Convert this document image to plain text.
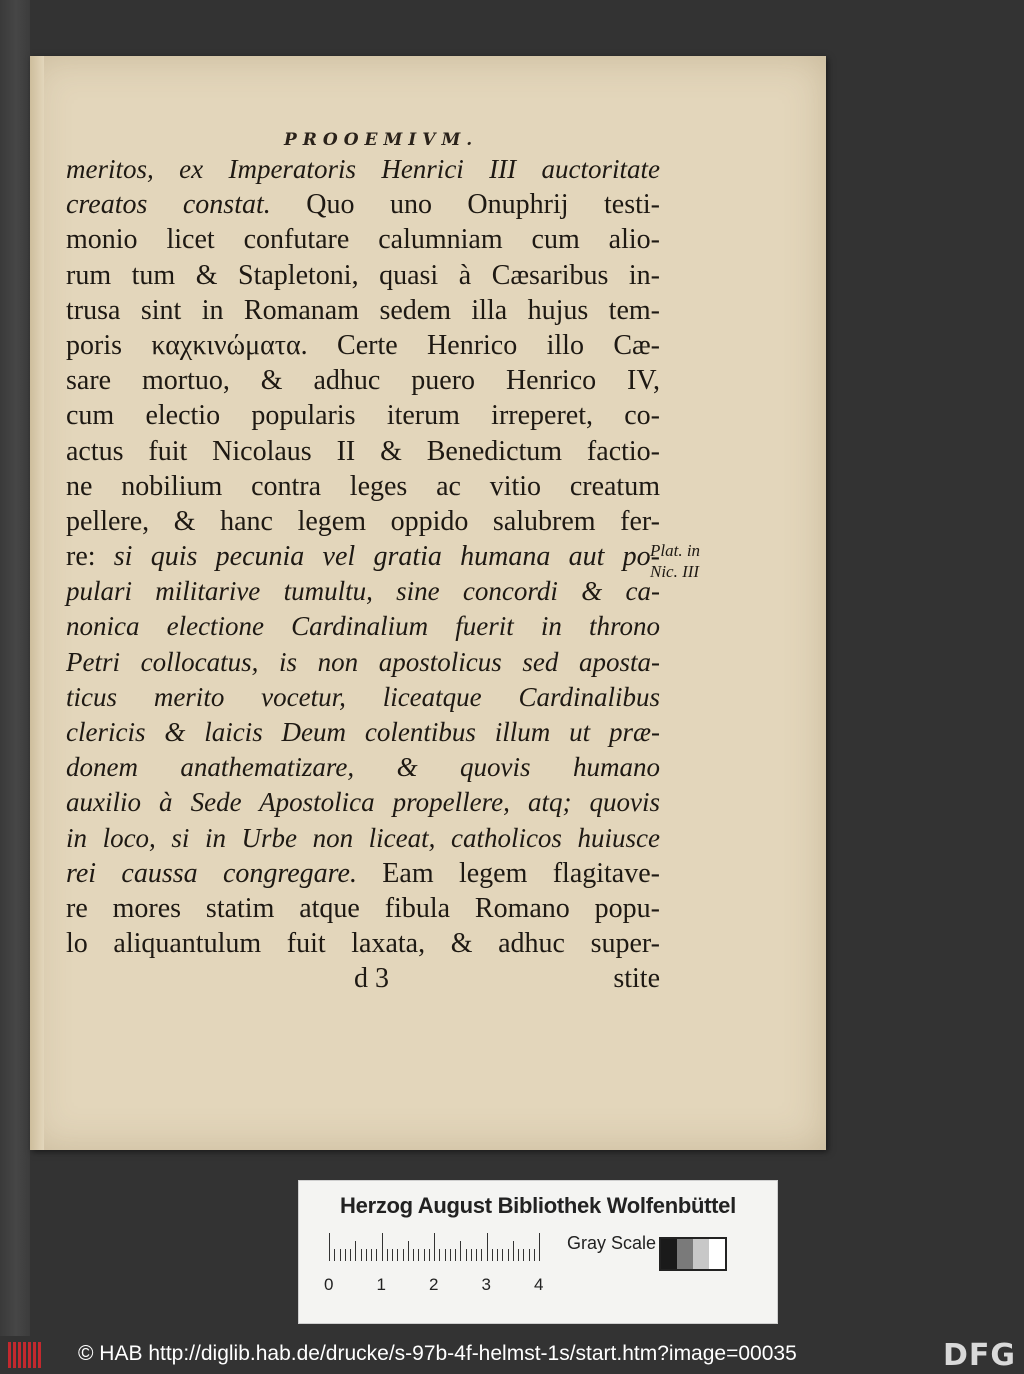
PROOEMIVM.
meritos, ex Imperatoris Henrici III auctoritate
creatos constat. Quo uno Onuphrij testi-
monio licet confutare calumniam cum alio-
rum tum & Stapletoni, quasi à Cæsaribus in-
trusa sint in Romanam sedem illa hujus tem-
poris καχκινώματα. Certe Henrico illo Cæ-
sare mortuo, & adhuc puero Henrico IV,
cum electio popularis iterum irreperet, co-
actus fuit Nicolaus II & Benedictum factio-
ne nobilium contra leges ac vitio creatum
pellere, & hanc legem oppido salubrem fer-
re: si quis pecunia vel gratia humana aut po-
pulari militarive tumultu, sine concordi & ca-
nonica electione Cardinalium fuerit in throno
Petri collocatus, is non apostolicus sed aposta-
ticus merito vocetur, liceatque Cardinalibus
clericis & laicis Deum colentibus illum ut præ-
donem anathematizare, & quovis humano
auxilio à Sede Apostolica propellere, atq; quovis
in loco, si in Urbe non liceat, catholicos huiusce
rei caussa congregare. Eam legem flagitave-
re mores statim atque fibula Romano popu-
lo aliquantulum fuit laxata, & adhuc super-
d 3	stite
Plat. in
Nic. III
Herzog August Bibliothek Wolfenbüttel
0	1	2	3	4
Gray Scale
© HAB http://diglib.hab.de/drucke/s-97b-4f-helmst-1s/start.htm?image=00035	DFG
